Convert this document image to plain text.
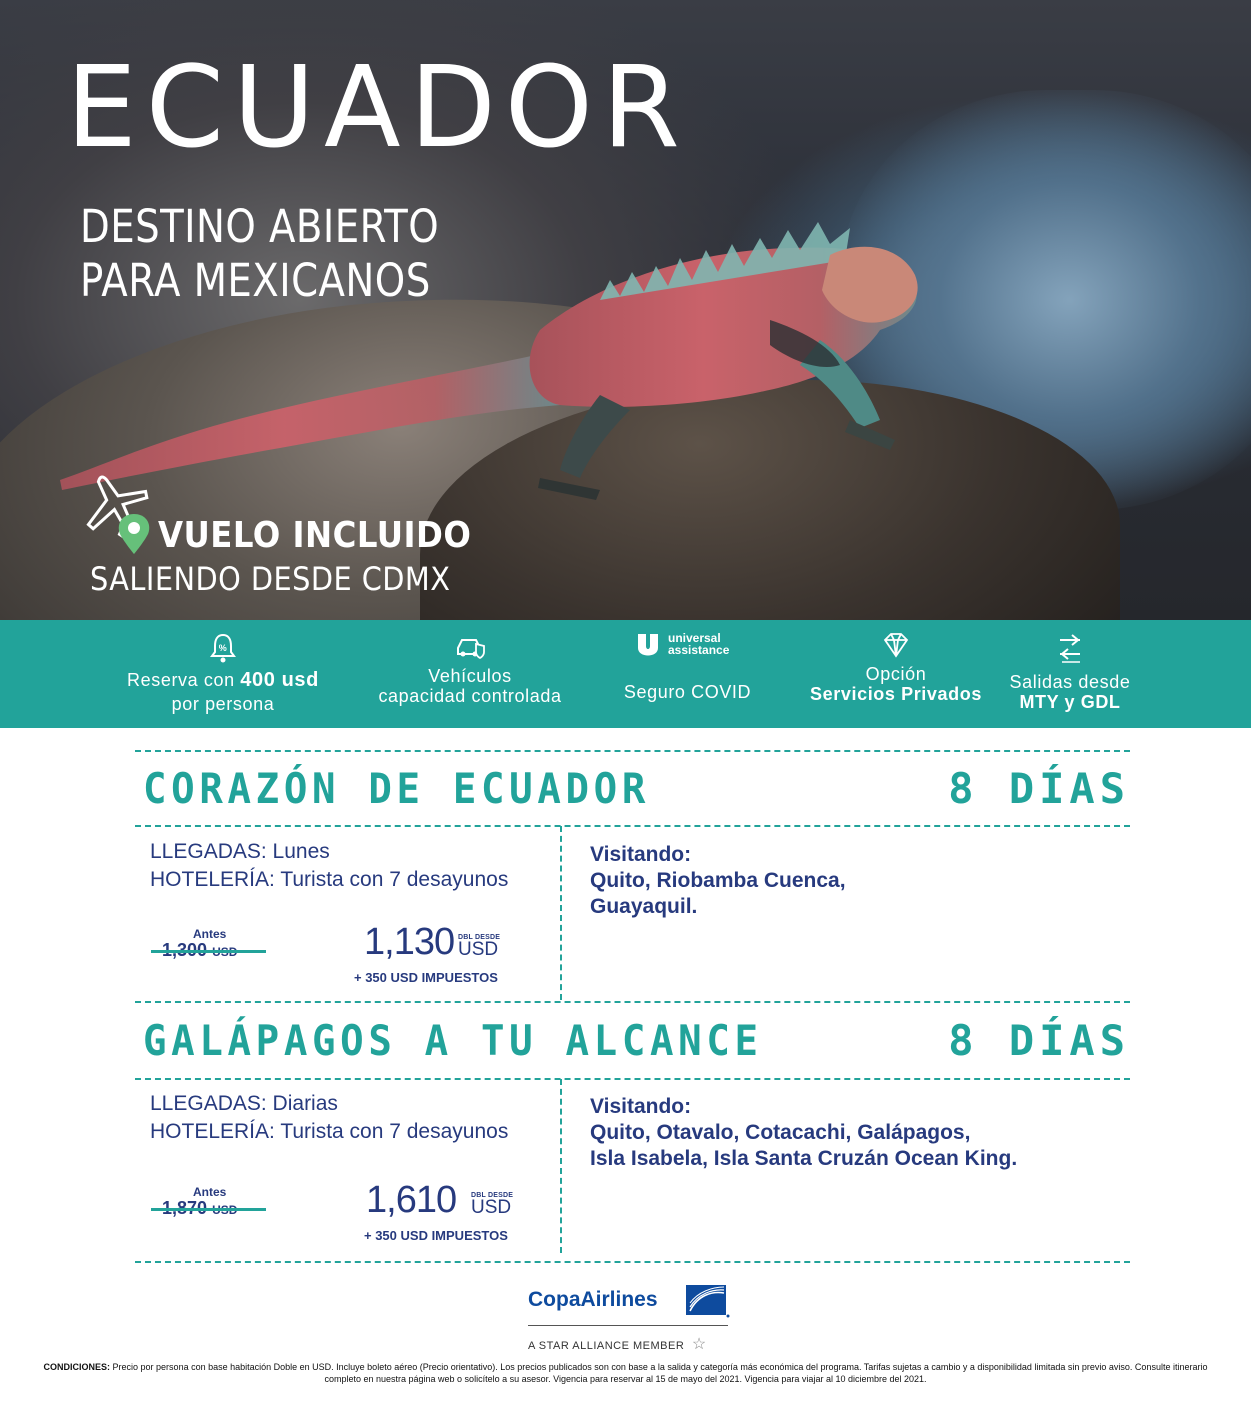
ECUADOR
DESTINO ABIERTO
PARA MEXICANOS
VUELO INCLUIDO
SALIENDO DESDE CDMX
%
Reserva con 400 usd
por persona
Vehículos
capacidad controlada
universal
assistance
Seguro COVID
Opción
Servicios Privados
Salidas desde
MTY y GDL
CORAZÓN DE ECUADOR	8 DÍAS
LLEGADAS: Lunes
HOTELERÍA: Turista con 7 desayunos
Visitando:
Quito, Riobamba Cuenca,
Guayaquil.
Antes	1,130 DBL DESDE
USD
+ 350 USD IMPUESTOS
GALÁPAGOS A TU ALCANCE	8 DÍAS
LLEGADAS: Diarias
HOTELERÍA: Turista con 7 desayunos
Visitando:
Quito, Otavalo, Cotacachi, Galápagos,
Isla Isabela, Isla Santa Cruzán Ocean King.
Antes	1,610 DBL DESDE
USD
+ 350 USD IMPUESTOS
CopaAirlines
A STAR ALLIANCE MEMBER ☆
CONDICIONES: Precio por persona con base habitación Doble en USD. Incluye boleto aéreo (Precio orientativo). Los precios publicados son con base a la salida y categoría más económica del programa. Tarifas sujetas a cambio y a disponibilidad limitada sin previo aviso. Consulte itinerario completo en nuestra página web o solicítelo a su asesor. Vigencia para reservar al 15 de mayo del 2021. Vigencia para viajar al 10 diciembre del 2021.
